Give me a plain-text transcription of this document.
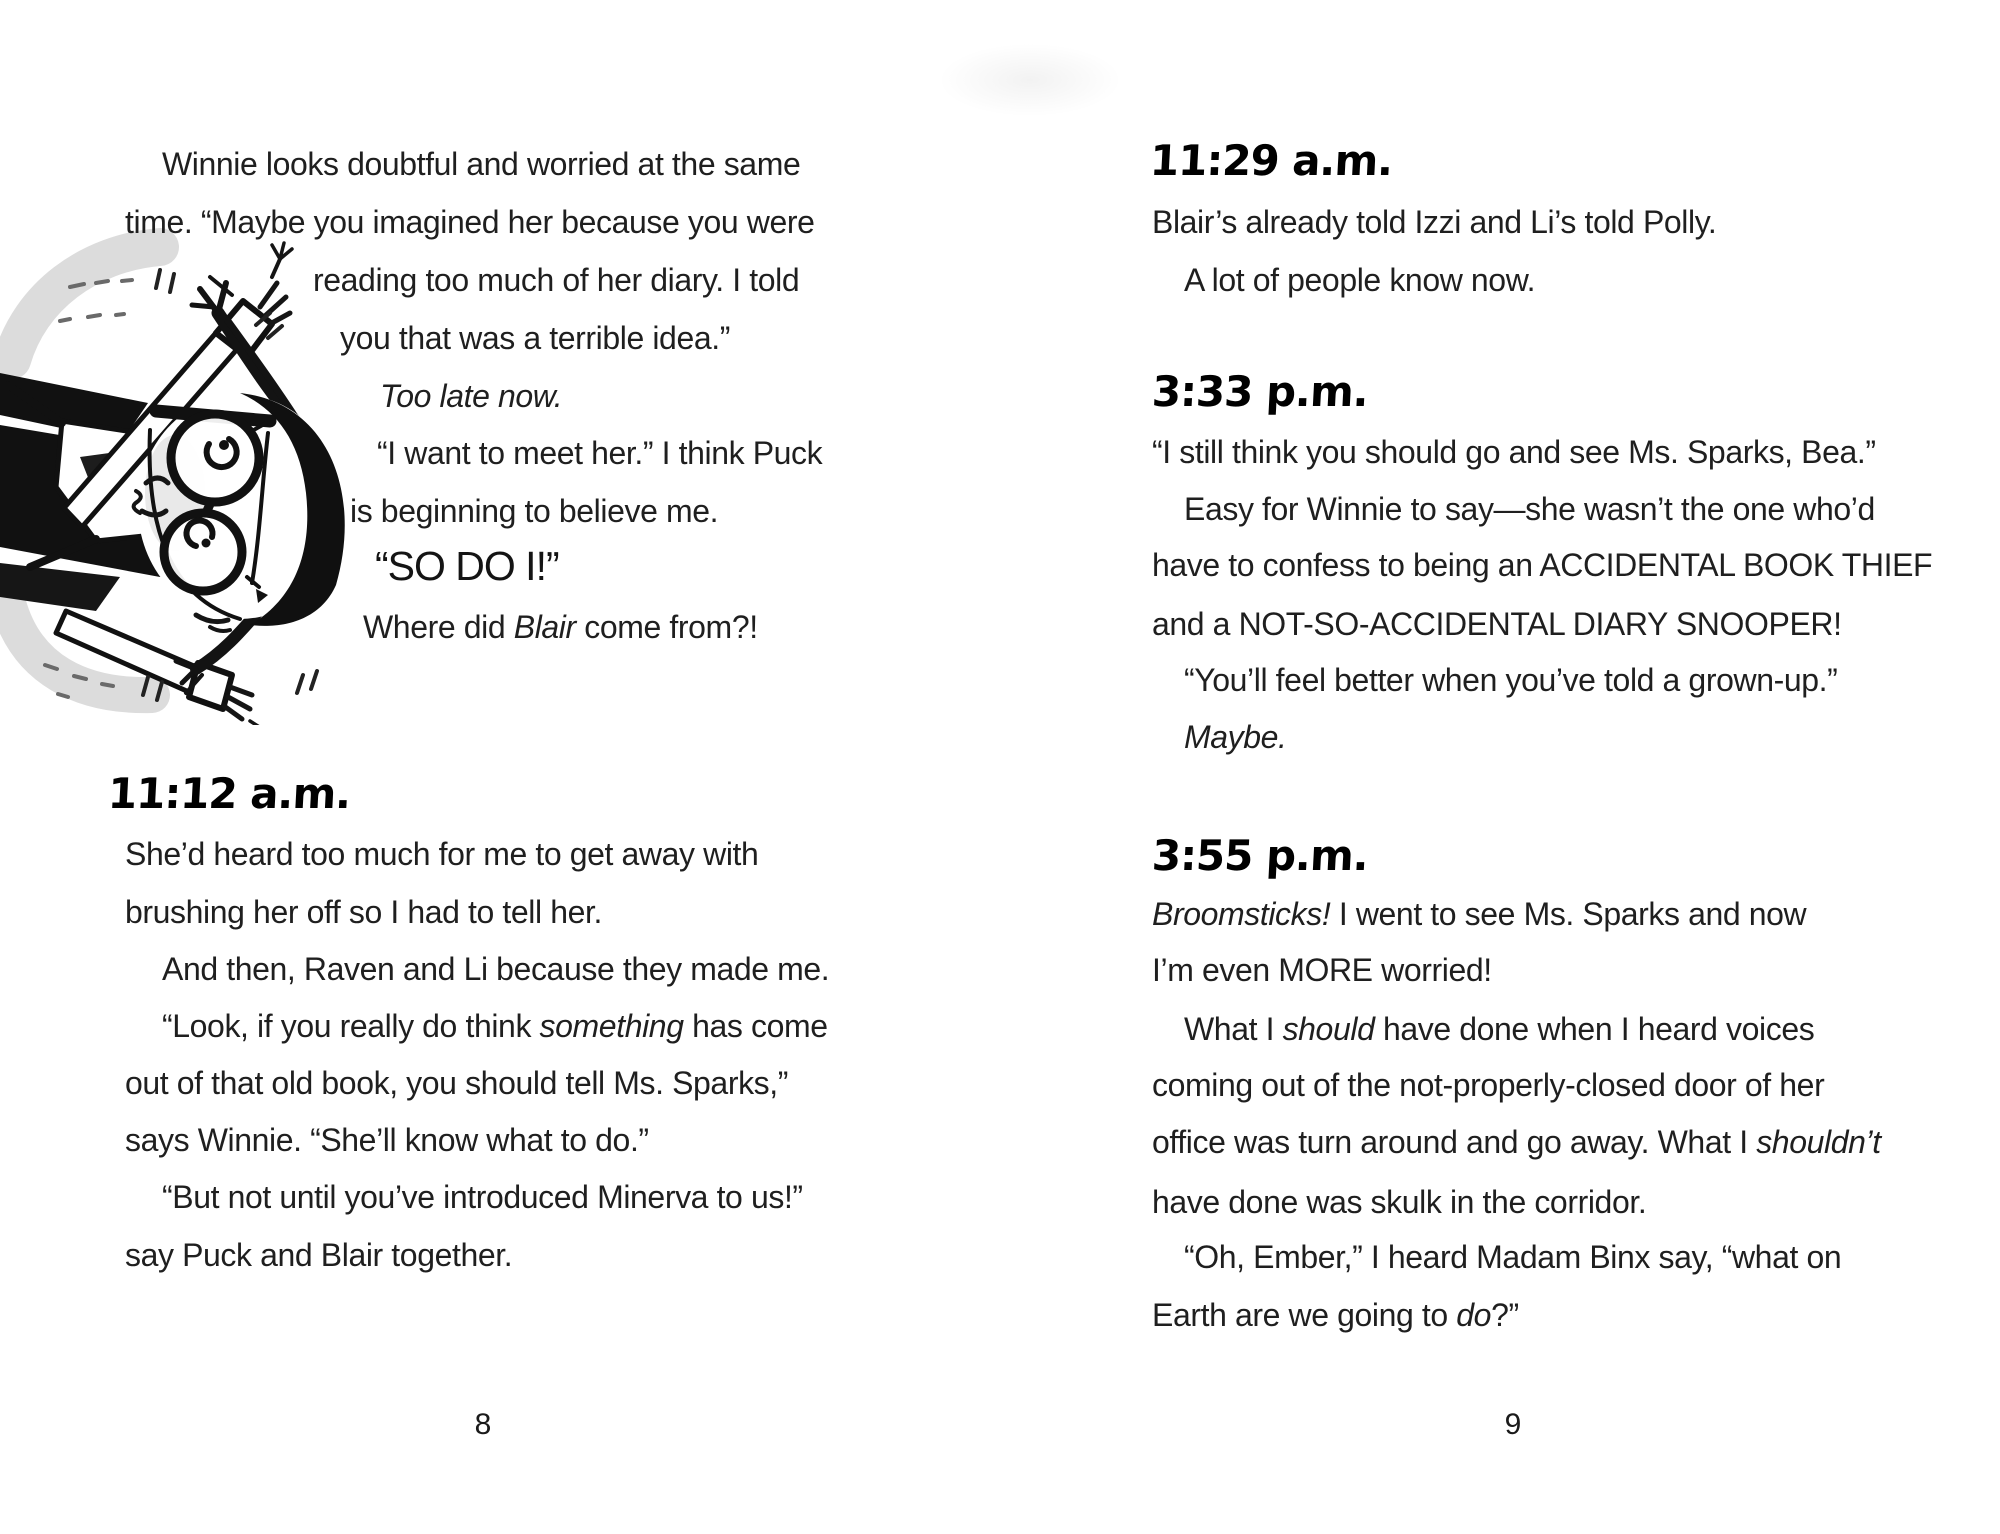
Winnie looks doubtful and worried at the same
time. “Maybe you imagined her because you were
reading too much of her diary. I told
you that was a terrible idea.”
Too late now.
“I want to meet her.” I think Puck
is beginning to believe me.
“SO DO I!”
Where did Blair come from?!
11:12 a.m.
She’d heard too much for me to get away with
brushing her off so I had to tell her.
And then, Raven and Li because they made me.
“Look, if you really do think something has come
out of that old book, you should tell Ms. Sparks,”
says Winnie. “She’ll know what to do.”
“But not until you’ve introduced Minerva to us!”
say Puck and Blair together.
8
11:29 a.m.
Blair’s already told Izzi and Li’s told Polly.
A lot of people know now.
3:33 p.m.
“I still think you should go and see Ms. Sparks, Bea.”
Easy for Winnie to say—she wasn’t the one who’d
have to confess to being an ACCIDENTAL BOOK THIEF
and a NOT-SO-ACCIDENTAL DIARY SNOOPER!
“You’ll feel better when you’ve told a grown-up.”
Maybe.
3:55 p.m.
Broomsticks! I went to see Ms. Sparks and now
I’m even MORE worried!
What I should have done when I heard voices
coming out of the not-properly-closed door of her
office was turn around and go away. What I shouldn’t
have done was skulk in the corridor.
“Oh, Ember,” I heard Madam Binx say, “what on
Earth are we going to do?”
9
